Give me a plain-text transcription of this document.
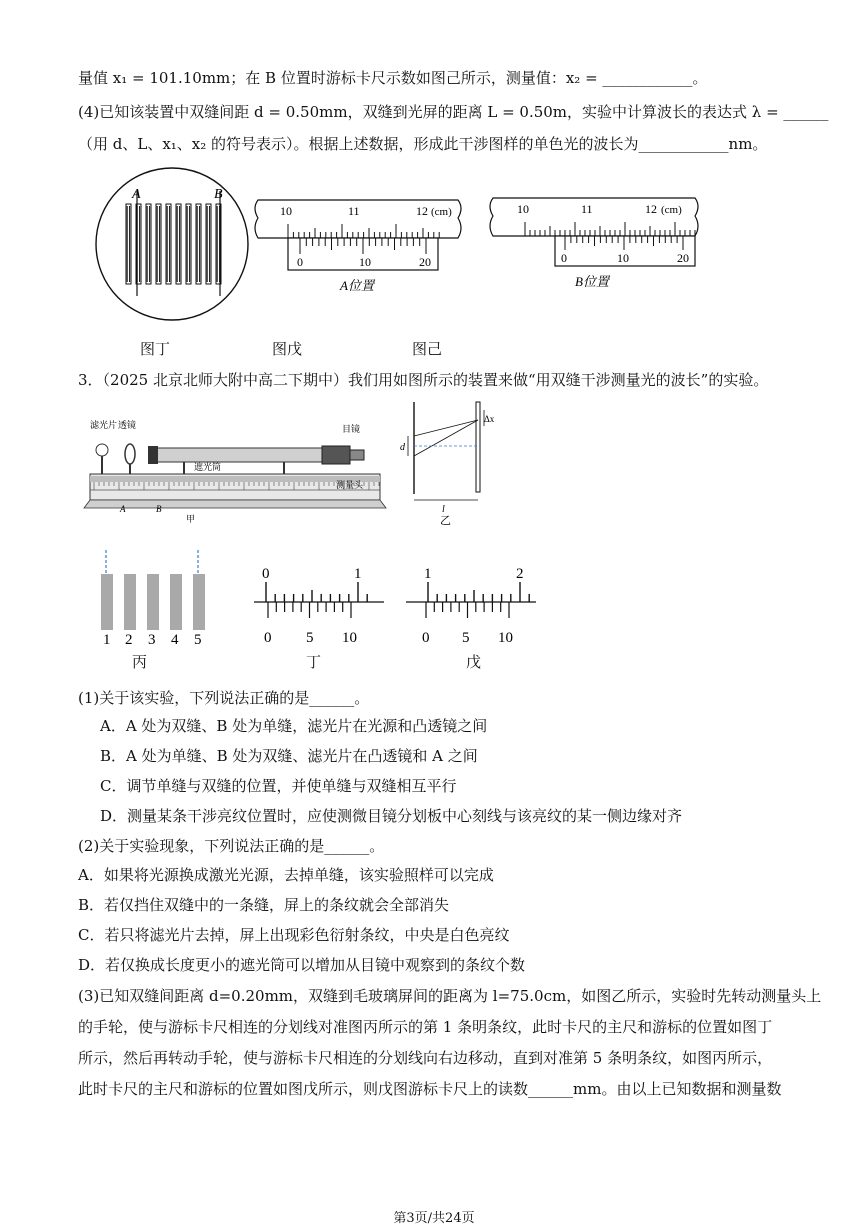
量值 x₁ = 101.10mm；在 B 位置时游标卡尺示数如图己所示，测量值：x₂ = ____________。
(4)已知该装置中双缝间距 d = 0.50mm，双缝到光屏的距离 L = 0.50m，实验中计算波长的表达式 λ = ______
（用 d、L、x₁、x₂ 的符号表示）。根据上述数据，形成此干涉图样的单色光的波长为____________nm。
A	B
10	11	12 (cm)
0	10	20
A位置
10	11	12 (cm)
0	10	20
B位置
图丁	图戊	图己
3．（2025 北京北师大附中高二下期中）我们用如图所示的装置来做“用双缝干涉测量光的波长”的实验。
滤光片 透镜
遮光筒
目镜
测量头
A	B
甲
d
Δx
l
乙
1 2 3 4 5
丙
0	1
0 5 10
丁
1	2
0 5 10
戊
(1)关于该实验，下列说法正确的是______。
A．A 处为双缝、B 处为单缝，滤光片在光源和凸透镜之间
B．A 处为单缝、B 处为双缝、滤光片在凸透镜和 A 之间
C．调节单缝与双缝的位置，并使单缝与双缝相互平行
D．测量某条干涉亮纹位置时，应使测微目镜分划板中心刻线与该亮纹的某一侧边缘对齐
(2)关于实验现象，下列说法正确的是______。
A．如果将光源换成激光光源，去掉单缝，该实验照样可以完成
B．若仅挡住双缝中的一条缝，屏上的条纹就会全部消失
C．若只将滤光片去掉，屏上出现彩色衍射条纹，中央是白色亮纹
D．若仅换成长度更小的遮光筒可以增加从目镜中观察到的条纹个数
(3)已知双缝间距离 d=0.20mm，双缝到毛玻璃屏间的距离为 l=75.0cm，如图乙所示，实验时先转动测量头上
的手轮，使与游标卡尺相连的分划线对准图丙所示的第 1 条明条纹，此时卡尺的主尺和游标的位置如图丁
所示，然后再转动手轮，使与游标卡尺相连的分划线向右边移动，直到对准第 5 条明条纹，如图丙所示，
此时卡尺的主尺和游标的位置如图戊所示，则戊图游标卡尺上的读数______mm。由以上已知数据和测量数
第3页/共24页
